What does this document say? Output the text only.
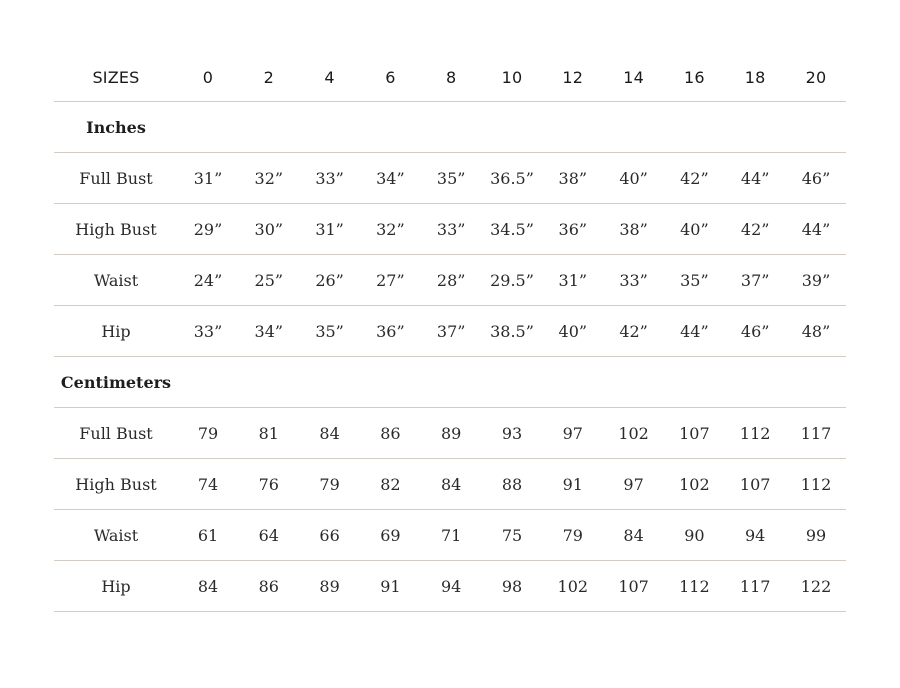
SIZES	0	2	4	6	8	10	12	14	16	18	20
Inches
Full Bust	31”	32”	33”	34”	35”	36.5”	38”	40”	42”	44”	46”
High Bust	29”	30”	31”	32”	33”	34.5”	36”	38”	40”	42”	44”
Waist	24”	25”	26”	27”	28”	29.5”	31”	33”	35”	37”	39”
Hip	33”	34”	35”	36”	37”	38.5”	40”	42”	44”	46”	48”
Centimeters
Full Bust	79	81	84	86	89	93	97	102	107	112	117
High Bust	74	76	79	82	84	88	91	97	102	107	112
Waist	61	64	66	69	71	75	79	84	90	94	99
Hip	84	86	89	91	94	98	102	107	112	117	122
